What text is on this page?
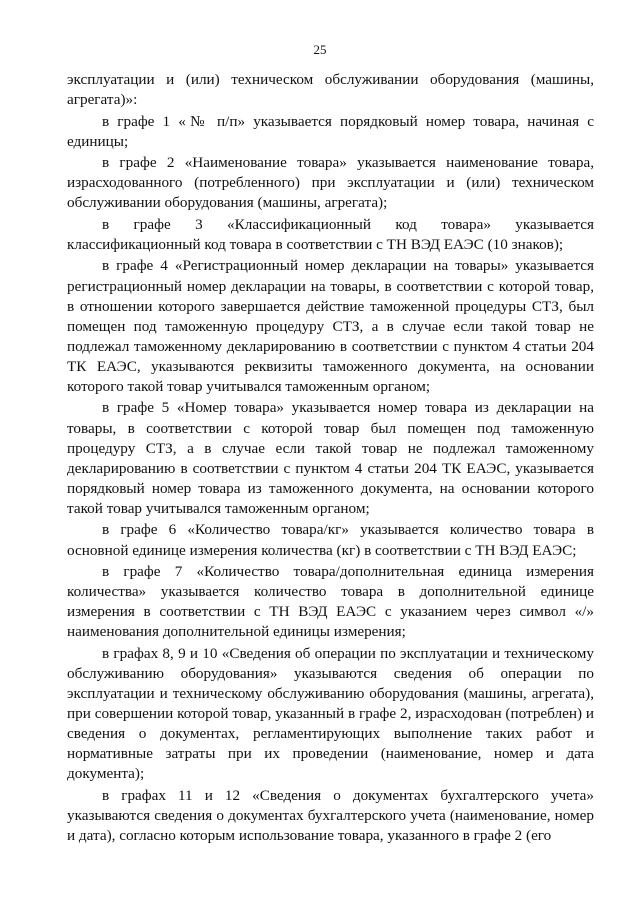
25

эксплуатации и (или) техническом обслуживании оборудования (машины, агрегата)»:

в графе 1 «№ п/п» указывается порядковый номер товара, начиная с единицы;

в графе 2 «Наименование товара» указывается наименование товара, израсходованного (потребленного) при эксплуатации и (или) техническом обслуживании оборудования (машины, агрегата);

в графе 3 «Классификационный код товара» указывается классификационный код товара в соответствии с ТН ВЭД ЕАЭС (10 знаков);

в графе 4 «Регистрационный номер декларации на товары» указывается регистрационный номер декларации на товары, в соответствии с которой товар, в отношении которого завершается действие таможенной процедуры СТЗ, был помещен под таможенную процедуру СТЗ, а в случае если такой товар не подлежал таможенному декларированию в соответствии с пунктом 4 статьи 204 ТК ЕАЭС, указываются реквизиты таможенного документа, на основании которого такой товар учитывался таможенным органом;

в графе 5 «Номер товара» указывается номер товара из декларации на товары, в соответствии с которой товар был помещен под таможенную процедуру СТЗ, а в случае если такой товар не подлежал таможенному декларированию в соответствии с пунктом 4 статьи 204 ТК ЕАЭС, указывается порядковый номер товара из таможенного документа, на основании которого такой товар учитывался таможенным органом;

в графе 6 «Количество товара/кг» указывается количество товара в основной единице измерения количества (кг) в соответствии с ТН ВЭД ЕАЭС;

в графе 7 «Количество товара/дополнительная единица измерения количества» указывается количество товара в дополнительной единице измерения в соответствии с ТН ВЭД ЕАЭС с указанием через символ «/» наименования дополнительной единицы измерения;

в графах 8, 9 и 10 «Сведения об операции по эксплуатации и техническому обслуживанию оборудования» указываются сведения об операции по эксплуатации и техническому обслуживанию оборудования (машины, агрегата), при совершении которой товар, указанный в графе 2, израсходован (потреблен) и сведения о документах, регламентирующих выполнение таких работ и нормативные затраты при их проведении (наименование, номер и дата документа);

в графах 11 и 12 «Сведения о документах бухгалтерского учета» указываются сведения о документах бухгалтерского учета (наименование, номер и дата), согласно которым использование товара, указанного в графе 2 (его
